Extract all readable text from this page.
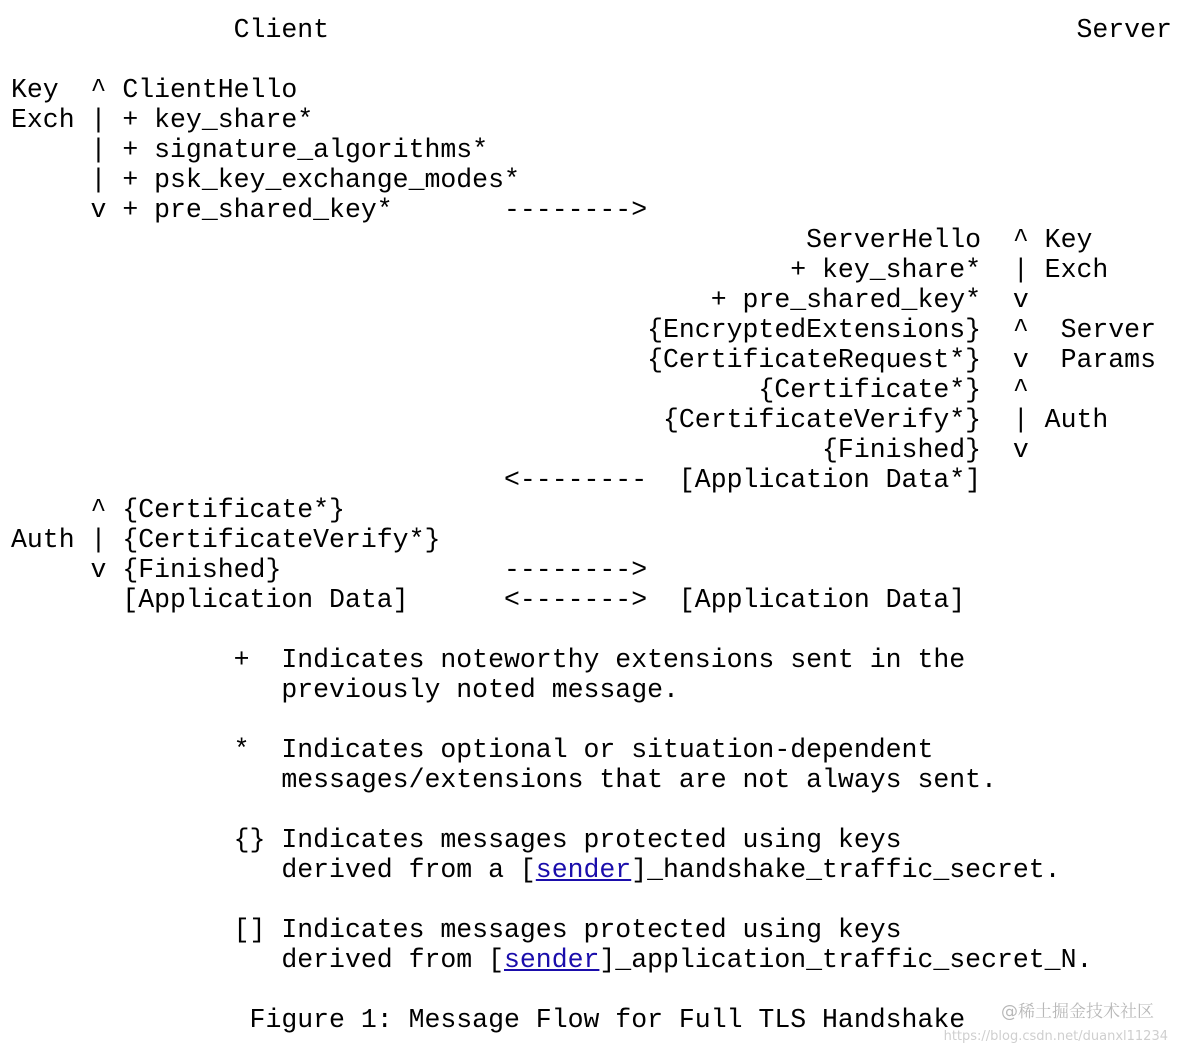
Client                                               Server
Key  ^ ClientHello
Exch | + key_share*
| + signature_algorithms*
| + psk_key_exchange_modes*
v + pre_shared_key*       -------->
ServerHello  ^ Key
+ key_share*  | Exch
+ pre_shared_key*  v
{EncryptedExtensions}  ^  Server
{CertificateRequest*}  v  Params
{Certificate*}  ^
{CertificateVerify*}  | Auth
{Finished}  v
<--------  [Application Data*]
^ {Certificate*}
Auth | {CertificateVerify*}
v {Finished}              -------->
[Application Data]      <------->  [Application Data]
+  Indicates noteworthy extensions sent in the
previously noted message.
*  Indicates optional or situation-dependent
messages/extensions that are not always sent.
{} Indicates messages protected using keys
derived from a [sender]_handshake_traffic_secret.
[] Indicates messages protected using keys
derived from [sender]_application_traffic_secret_N.
Figure 1: Message Flow for Full TLS Handshake @稀土掘金技术社区
https://blog.csdn.net/duanxl11234
